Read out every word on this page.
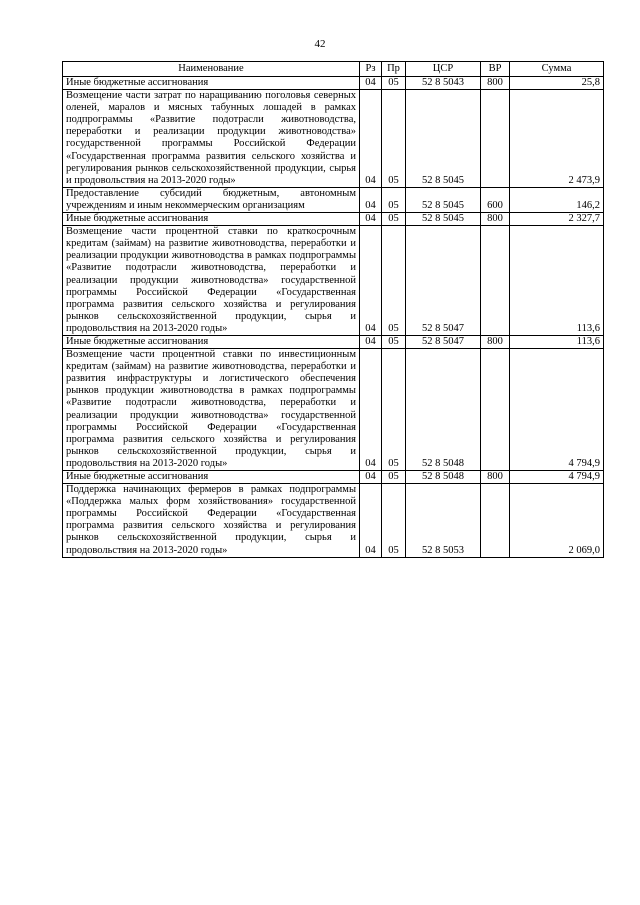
42
Наименование	Рз	Пр	ЦСР	ВР	Сумма
Иные бюджетные ассигнования	04	05	52 8 5043	800	25,8
Возмещение части затрат по наращиванию поголовья северных оленей, маралов и мясных табунных лошадей в рамках подпрограммы «Развитие подотрасли животноводства, переработки и реализации продукции животноводства» государственной программы Российской Федерации «Государственная программа развития сельского хозяйства и регулирования рынков сельскохозяйственной продукции, сырья и продовольствия на 2013-2020 годы»	04	05	52 8 5045		2 473,9
Предоставление субсидий бюджетным, автономным учреждениям и иным некоммерческим организациям	04	05	52 8 5045	600	146,2
Иные бюджетные ассигнования	04	05	52 8 5045	800	2 327,7
Возмещение части процентной ставки по краткосрочным кредитам (займам) на развитие животноводства, переработки и реализации продукции животноводства в рамках подпрограммы «Развитие подотрасли животноводства, переработки и реализации продукции животноводства» государственной программы Российской Федерации «Государственная программа развития сельского хозяйства и регулирования рынков сельскохозяйственной продукции, сырья и продовольствия на 2013-2020 годы»	04	05	52 8 5047		113,6
Иные бюджетные ассигнования	04	05	52 8 5047	800	113,6
Возмещение части процентной ставки по инвестиционным кредитам (займам) на развитие животноводства, переработки и развития инфраструктуры и логистического обеспечения рынков продукции животноводства в рамках подпрограммы «Развитие подотрасли животноводства, переработки и реализации продукции животноводства» государственной программы Российской Федерации «Государственная программа развития сельского хозяйства и регулирования рынков сельскохозяйственной продукции, сырья и продовольствия на 2013-2020 годы»	04	05	52 8 5048		4 794,9
Иные бюджетные ассигнования	04	05	52 8 5048	800	4 794,9
Поддержка начинающих фермеров в рамках подпрограммы «Поддержка малых форм хозяйствования» государственной программы Российской Федерации «Государственная программа развития сельского хозяйства и регулирования рынков сельскохозяйственной продукции, сырья и продовольствия на 2013-2020 годы»	04	05	52 8 5053		2 069,0
